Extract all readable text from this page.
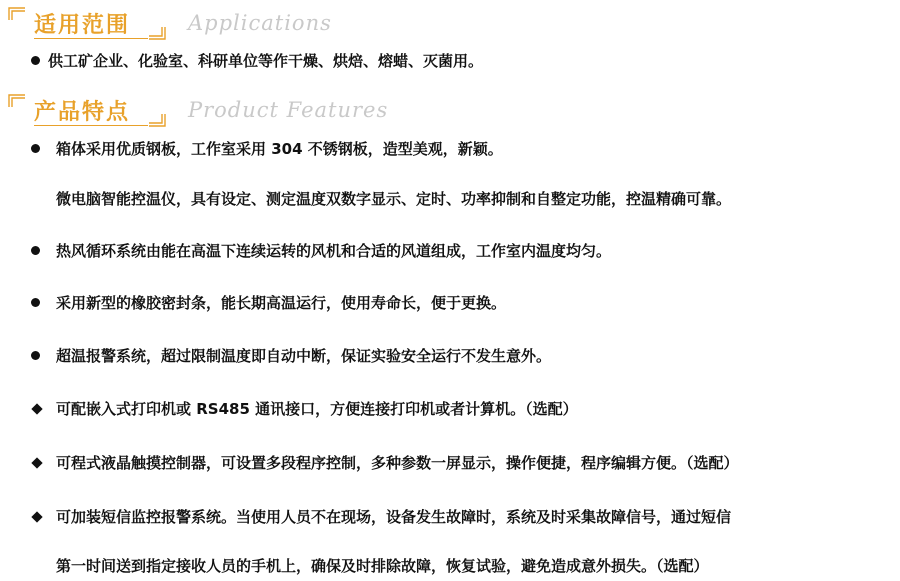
适用范围	Applications
供工矿企业、化验室、科研单位等作干燥、烘焙、熔蜡、灭菌用。
产品特点	Product Features
箱体采用优质钢板，工作室采用 304 不锈钢板，造型美观，新颖。
微电脑智能控温仪，具有设定、测定温度双数字显示、定时、功率抑制和自整定功能，控温精确可靠。
热风循环系统由能在高温下连续运转的风机和合适的风道组成，工作室内温度均匀。
采用新型的橡胶密封条，能长期高温运行，使用寿命长，便于更换。
超温报警系统，超过限制温度即自动中断，保证实验安全运行不发生意外。
可配嵌入式打印机或 RS485 通讯接口，方便连接打印机或者计算机。（选配）
可程式液晶触摸控制器，可设置多段程序控制，多种参数一屏显示，操作便捷，程序编辑方便。（选配）
可加装短信监控报警系统。当使用人员不在现场，设备发生故障时，系统及时采集故障信号，通过短信
第一时间送到指定接收人员的手机上，确保及时排除故障，恢复试验，避免造成意外损失。（选配）
